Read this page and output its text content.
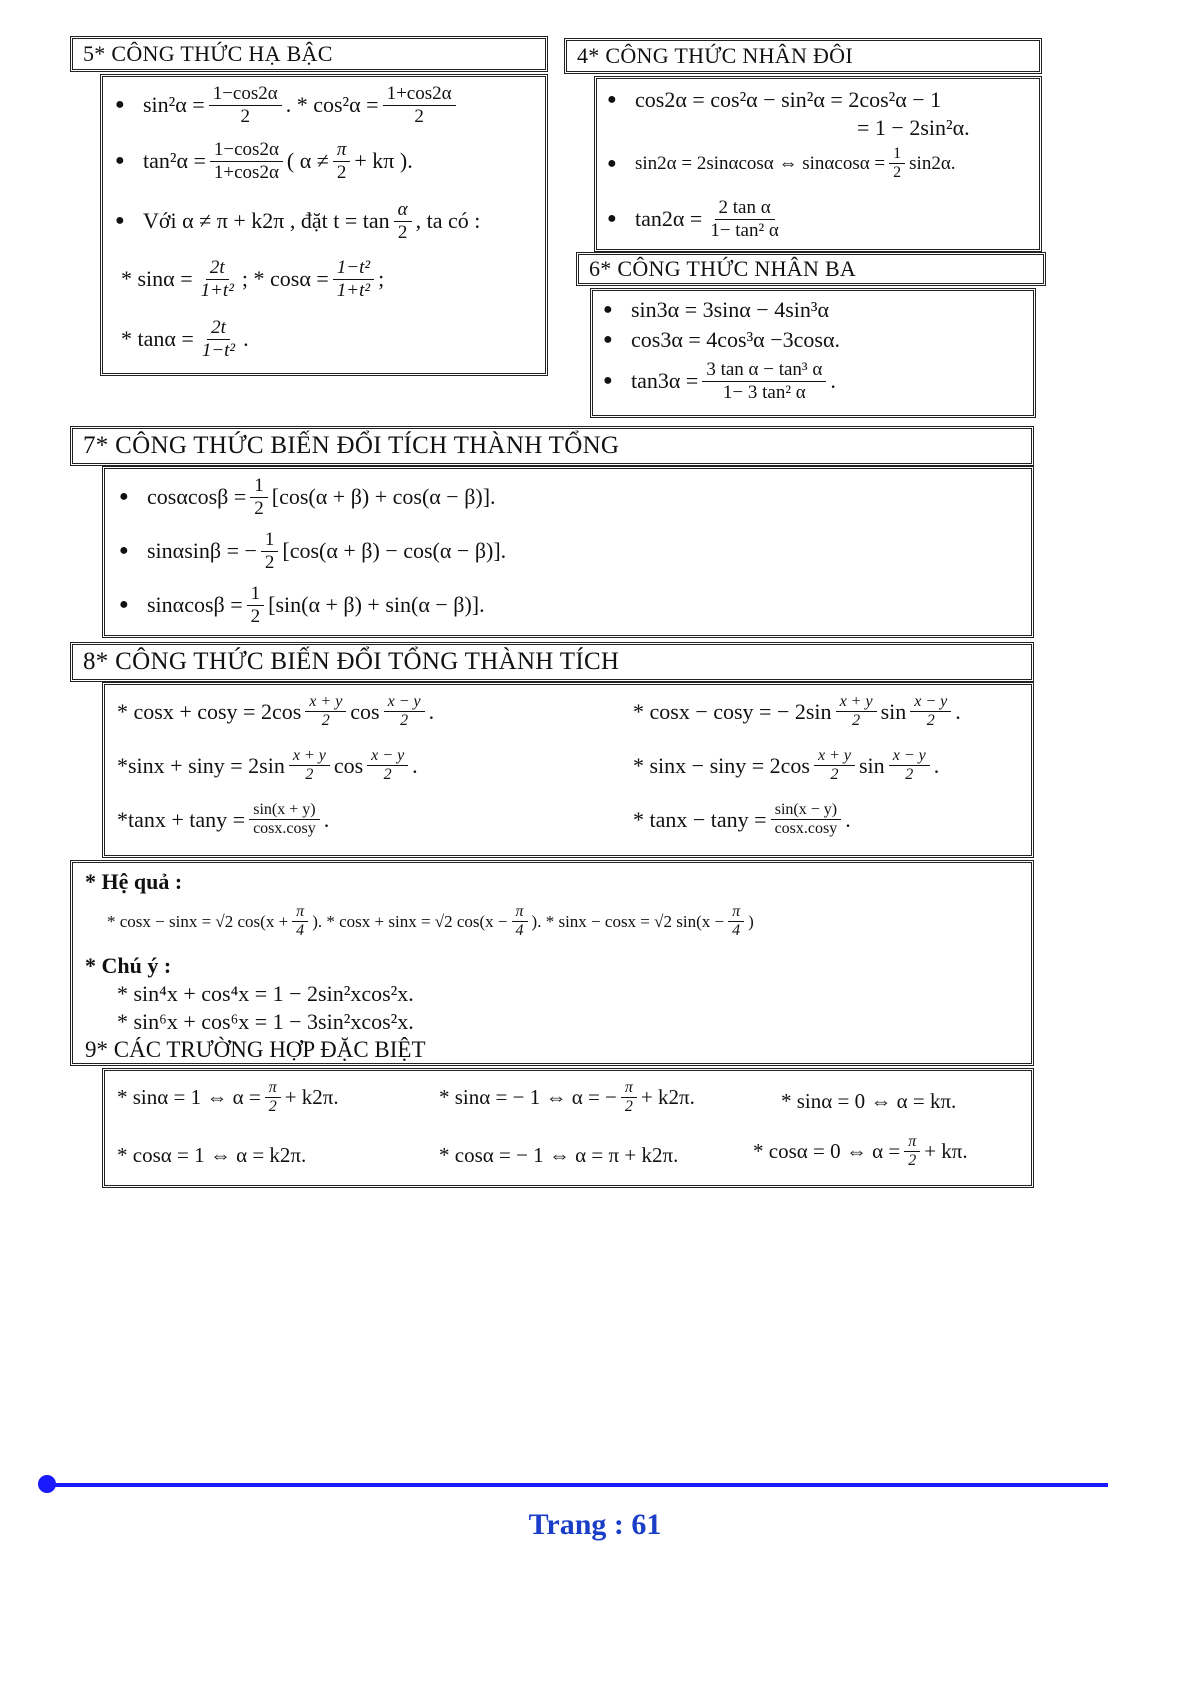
5* CÔNG THỨC HẠ BẬC
● $\sin^2\alpha = \frac{1-\cos 2\alpha}{2}$ . * $\cos^2\alpha = \frac{1+\cos 2\alpha}{2}$
● $\tan^2\alpha = \frac{1-\cos 2\alpha}{1+\cos 2\alpha}$ ( $\alpha \ne \frac{\pi}{2} + k\pi$ ).
● Với α ≠ π + k2π , đặt $t = \tan \frac{\alpha}{2}$ , ta có :
* $\sin\alpha = \frac{2t}{\text{1+t²}}$ ; * $\cos\alpha = \frac{\text{1−t²}}{\text{1+t²}}$ ;
* $\tan\alpha = \frac{2t}{\text{1−t²}}$ .
4* CÔNG THỨC NHÂN ĐÔI
● cos2α = cos²α − sin²α = 2cos²α − 1
= 1 − 2sin²α.
● sin2α = 2sinαcosα ⇔ $\sin\alpha\cos\alpha = \frac{1}{2} \sin 2\alpha$.
● $\tan 2\alpha = \frac{\text{2 tan α}}{\text{1− tan² α}}$
6* CÔNG THỨC NHÂN BA
● sin3α = 3sinα − 4sin³α
● cos3α = 4cos³α −3cosα.
● $\tan 3\alpha = \frac{\text{3 tan α − tan³ α}}{\text{1− 3 tan² α}}$ .
7* CÔNG THỨC BIẾN ĐỔI TÍCH THÀNH TỔNG
● $\cos\alpha\cos\beta = \frac{1}{2} [\cos(\alpha + \beta) + \cos(\alpha - \beta)]$.
● sinαsinβ = − $\frac{1}{2} [\cos(\alpha + \beta) - \cos(\alpha - \beta)]$.
● $\sin\alpha\cos\beta = \frac{1}{2} [\sin(\alpha + \beta) + \sin(\alpha - \beta)]$.
8* CÔNG THỨC BIẾN ĐỔI TỔNG THÀNH TÍCH
* $\cos x + \cos y = 2\cos \frac{x + y}{2}$ $\cos \frac{x - y}{2}$ .	* cosx − cosy = − $2\sin \frac{x + y}{2}$ $\sin \frac{x - y}{2}$ .
$*\sin x + \sin y = 2\sin \frac{x + y}{2}$ $\cos \frac{x - y}{2}$ .	* $\sin x - \sin y = 2\cos \frac{x + y}{2}$ $\sin \frac{x - y}{2}$ .
$*\tan x + \tan y = \frac{\sin(x + y)}{\cos x.\cos y}$ .	* $\tan x - \tan y = \frac{\sin(x - y)}{\cos x.\cos y}$ .
* Hệ quả :
* cosx − sinx = √2 $\cos(x + \frac{\pi}{4}$ ).
* cosx + sinx = √2 $\cos(x - \frac{\pi}{4}$ ).
* sinx − cosx = √2 $\sin(x - \frac{\pi}{4}$ )
* Chú ý :
* sin⁴x + cos⁴x = 1 − 2sin²xcos²x.
* sin⁶x + cos⁶x = 1 − 3sin²xcos²x.
9* CÁC TRƯỜNG HỢP ĐẶC BIỆT
* sinα = 1 ⇔ $\alpha = \frac{\pi}{2} + k2\pi$.	* sinα = − 1 ⇔ α = − $\frac{\pi}{2} + k2\pi$.	* sinα = 0 ⇔ α = kπ.
* cosα = 1 ⇔ α = k2π.	* cosα = − 1 ⇔ α = π + k2π.	* cosα = 0 ⇔ $\alpha = \frac{\pi}{2} + k\pi$.
Trang : 61
